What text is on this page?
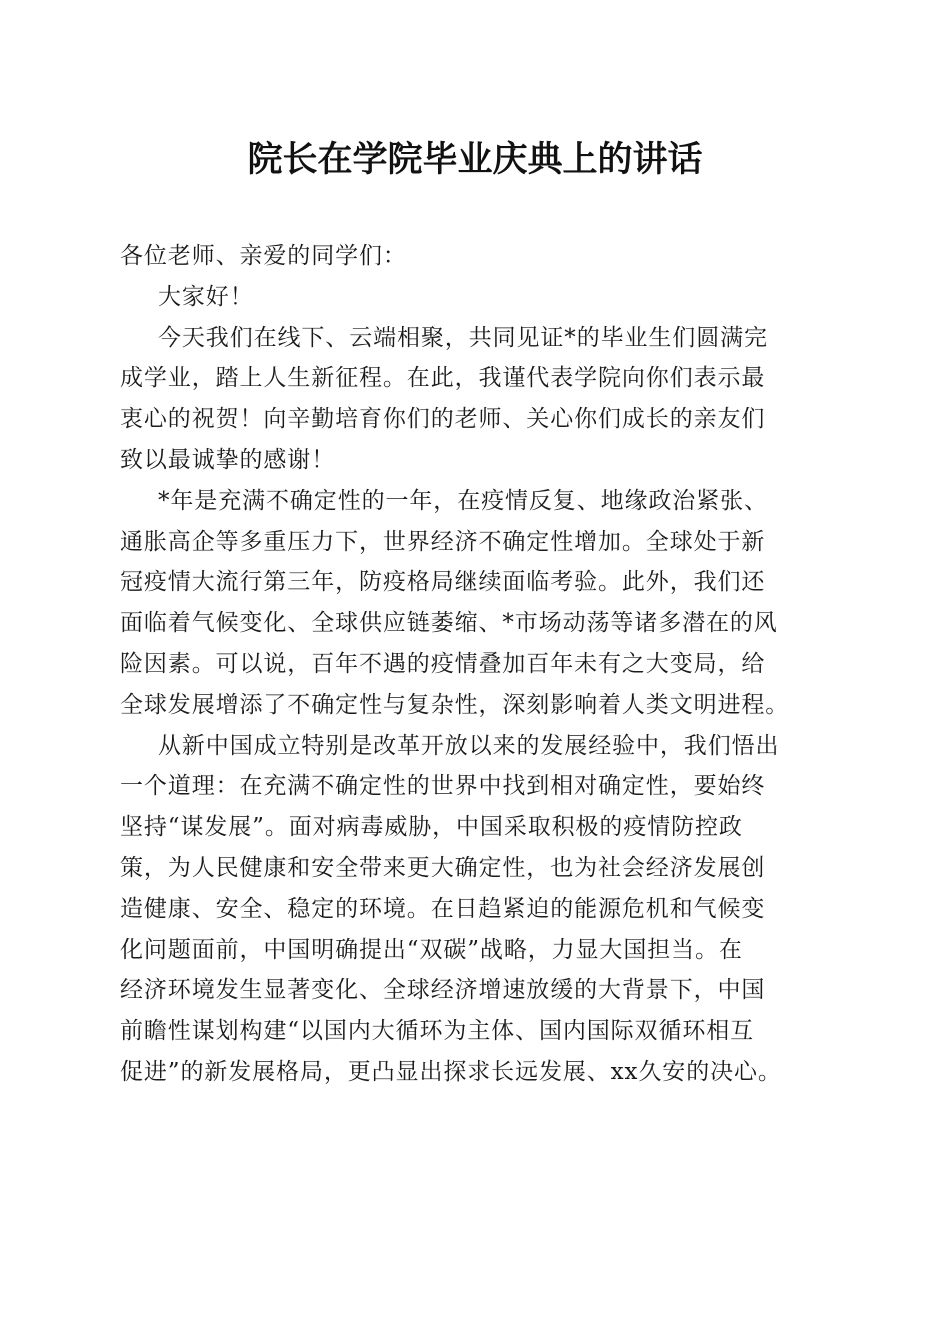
院长在学院毕业庆典上的讲话
各位老师、亲爱的同学们：
大家好！
今天我们在线下、云端相聚，共同见证*的毕业生们圆满完
成学业，踏上人生新征程。在此，我谨代表学院向你们表示最
衷心的祝贺！向辛勤培育你们的老师、关心你们成长的亲友们
致以最诚挚的感谢！
*年是充满不确定性的一年，在疫情反复、地缘政治紧张、
通胀高企等多重压力下，世界经济不确定性增加。全球处于新
冠疫情大流行第三年，防疫格局继续面临考验。此外，我们还
面临着气候变化、全球供应链萎缩、*市场动荡等诸多潜在的风
险因素。可以说，百年不遇的疫情叠加百年未有之大变局，给
全球发展增添了不确定性与复杂性，深刻影响着人类文明进程。
从新中国成立特别是改革开放以来的发展经验中，我们悟出
一个道理：在充满不确定性的世界中找到相对确定性，要始终
坚持“谋发展”。面对病毒威胁，中国采取积极的疫情防控政
策，为人民健康和安全带来更大确定性，也为社会经济发展创
造健康、安全、稳定的环境。在日趋紧迫的能源危机和气候变
化问题面前，中国明确提出“双碳”战略，力显大国担当。在
经济环境发生显著变化、全球经济增速放缓的大背景下，中国
前瞻性谋划构建“以国内大循环为主体、国内国际双循环相互
促进”的新发展格局，更凸显出探求长远发展、xx久安的决心。
